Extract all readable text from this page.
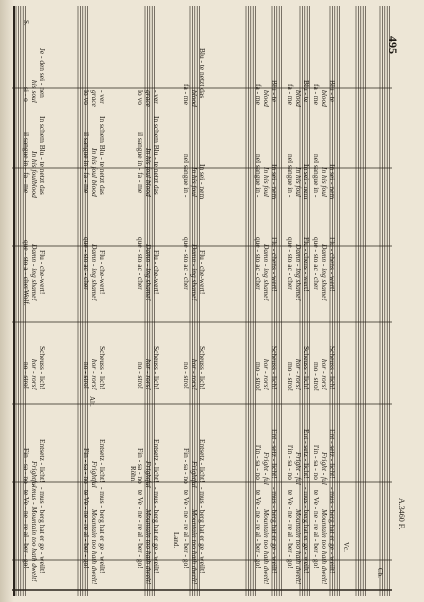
S.
Wolf.
Alt.
Röhn.
Land.	Vc.
Cb.
495
A.3460 F.
- mus - berg hat er ge - weilt!
Entsetz - licht!
Scheuss - lich!
Flu - che-wert!
In schem Blu - te netzt das
Je - den sei - nen
- mus - Mountain too hath dwelt!
Frightful
hor - rors!
Damn - ing shame!
In his foulblood
his soul
te Ve - ne - re al - ber - go!
Fin - sa - no
no - stro!
que - sto a - cher
il sangue in - fa - me
si - o
- mus - berg hat er ge - weilt!
Entsetz - licht!
Scheuss - lich!
Flu - che-wert!
In schem Blu - te netzt das
- ver
Mountain too hath dwelt!
Frightful
hor - rors!
Damn - ing shame!
In his foul blood
grace
te Ve - ne - re al - ber - go!
Fin - sa - no
no - stro!
que - sto ac - cher
il sangue in - fa - me
lo vo
- mus - berg hat er ge - weilt!
Entsetz - licht!
Scheuss - lich!
Flu - che-wert!
In schem Blu - te netzt das
- ver
Mountain too hath dwelt!
Frightful
hor - rors!
Damn - ing shame!
In his foul blood
grace
te Ve - ne - re al - ber - go!
Fin - sa - no
no - stro!
que - sto ac - cher
il sangue in - fa - me
lo vo
- mus - berg hat er ge - weilt!
Entsetz - licht!
Scheuss - lich!
Flu - che-wert!
In sei - nem
Blu - te netzt das
Mountain too hath dwelt!
Frightful
hor - rors!
Damn - ing shame!
In his foul
blood
te Ve - ne - re al - ber - go!
Fin - sa - no
no - stro!
que - sto ac - cher
nel sangue in -
fa - me
- mus - berg hat er ge - weilt!
Ent - setz - licht!
Scheuss - lich!
Flu - chens - wert!
In sei - nem
Blu - te
Mountain too hath dwelt!
Fright - ful
hor - rors!
Damn - ing shame!
In his foul
blood
te Ve - ne - re al - ber - go!
l'in - sa - no
mo - stro!
que - sto ac - cher
nel sangue in -
fa - me
- mus - berg hat er ge - weilt!
Ent - setz - licht!
Scheuss - lich!
Flu - chens - wert!
In sei - nem
Blu - te
Mountain too hath dwelt!
Fright - ful
hor - rors!
Damn - ing shame!
In his foul
blood
te Ve - ne - re al - ber - go!
l'in - sa - no
mo - stro!
que - sto ac - cher
nel sangue in -
fa - me
- mus - berg hat er ge - weilt!
Ent - setz - licht!
Scheuss - lich!
Flu - chens - wert!
In sei - nem
Blu - te
Mountain too hath dwelt!
Fright - ful
hor - rors!
Damn - ing shame!
In his foul
blood
te Ve - ne - re al - ber - go!
l'in - sa - no
mo - stro!
que - sto ac - cher
nel sangue in -
fa - me
